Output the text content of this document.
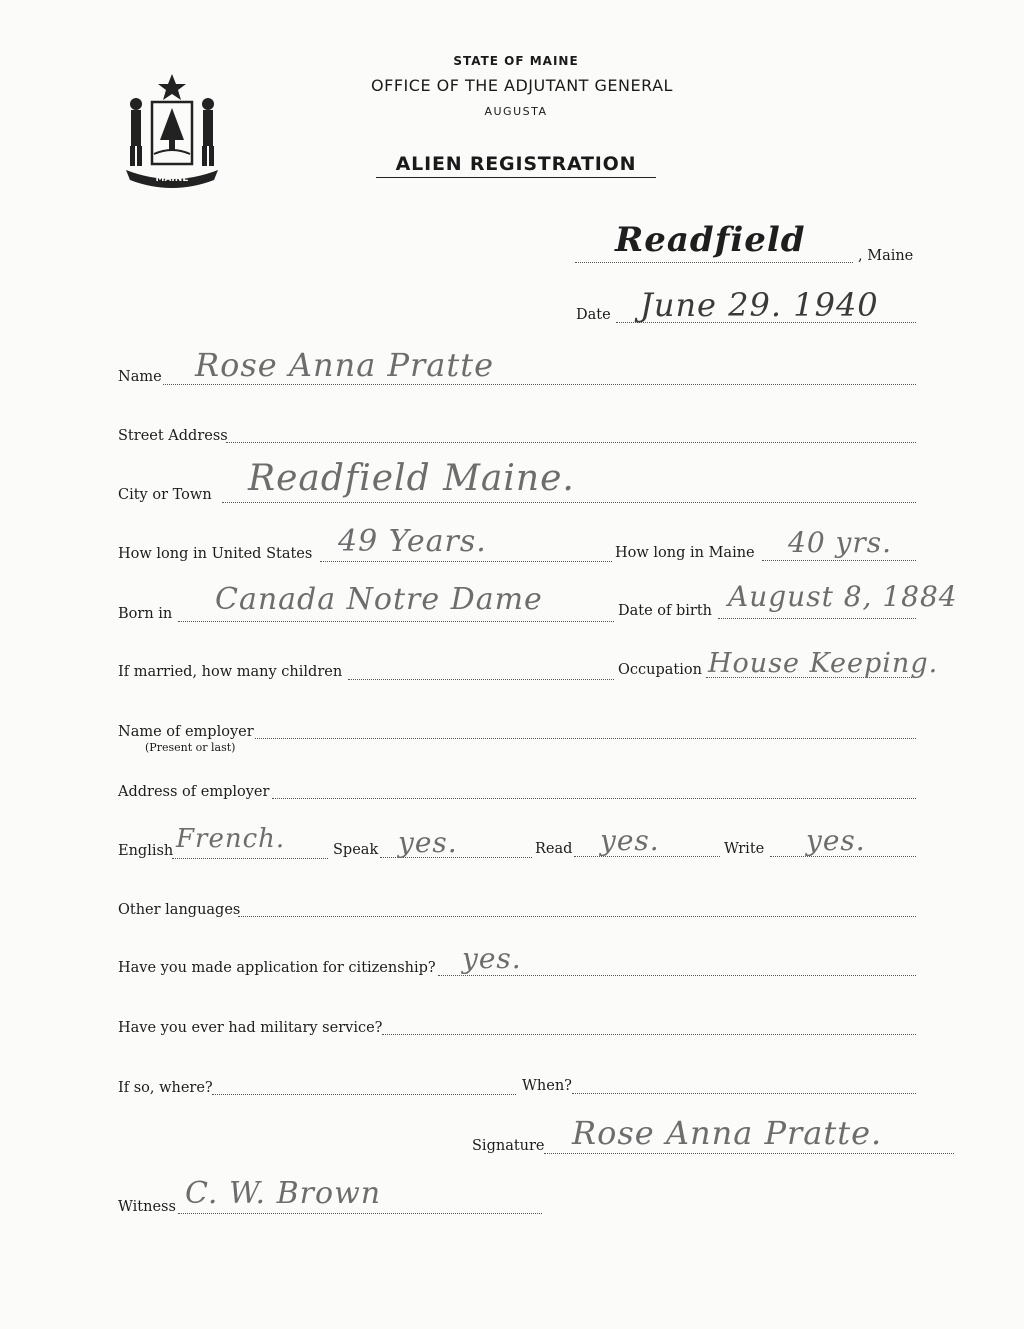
MAINE
STATE OF MAINE
OFFICE OF THE ADJUTANT GENERAL
AUGUSTA
ALIEN REGISTRATION
Readfield	, Maine
Date June 29. 1940
Name Rose Anna Pratte
Street Address
City or Town Readfield Maine.
How long in United States 49 Years.	How long in Maine 40 yrs.
Born in Canada Notre Dame	Date of birth August 8, 1884
If married, how many children	Occupation House Keeping.
Name of employer
(Present or last)
Address of employer
English French.	Speak yes.	Read yes.	Write yes.
Other languages
Have you made application for citizenship? yes.
Have you ever had military service?
If so, where?	When?
Signature Rose Anna Pratte.
Witness C. W. Brown
